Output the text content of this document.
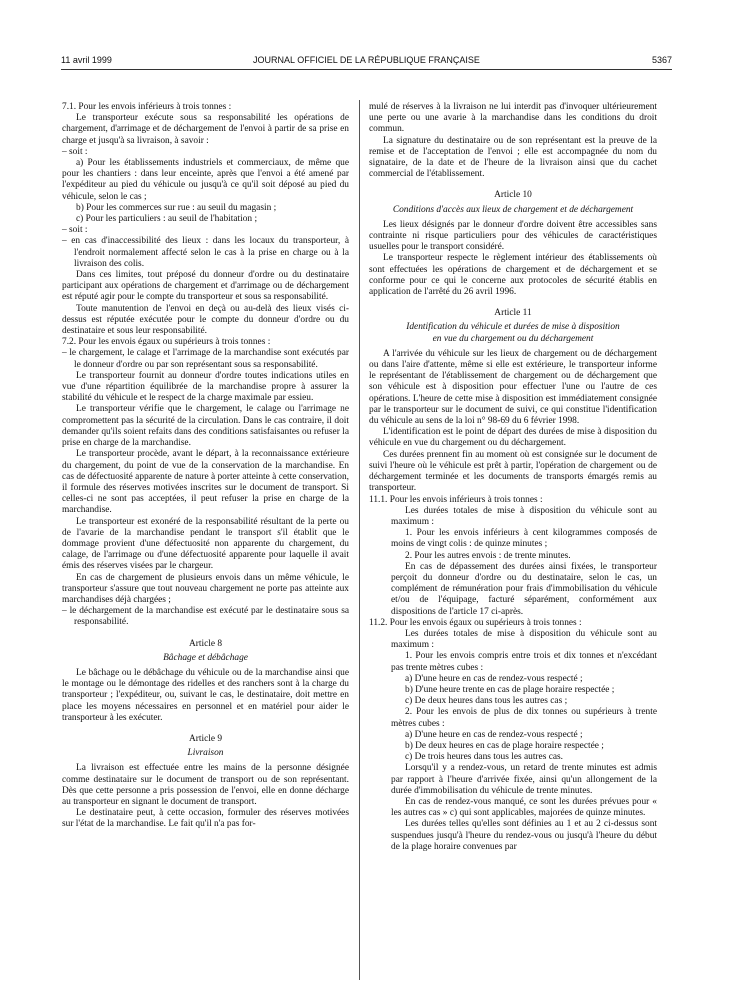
11 avril 1999	JOURNAL OFFICIEL DE LA RÉPUBLIQUE FRANÇAISE	5367

7.1. Pour les envois inférieurs à trois tonnes :

Le transporteur exécute sous sa responsabilité les opérations de chargement, d'arrimage et de déchargement de l'envoi à partir de sa prise en charge et jusqu'à sa livraison, à savoir :

– soit :

a) Pour les établissements industriels et commerciaux, de même que pour les chantiers : dans leur enceinte, après que l'envoi a été amené par l'expéditeur au pied du véhicule ou jusqu'à ce qu'il soit déposé au pied du véhicule, selon le cas ;

b) Pour les commerces sur rue : au seuil du magasin ;

c) Pour les particuliers : au seuil de l'habitation ;

– soit :

– en cas d'inaccessibilité des lieux : dans les locaux du transporteur, à l'endroit normalement affecté selon le cas à la prise en charge ou à la livraison des colis.

Dans ces limites, tout préposé du donneur d'ordre ou du destinataire participant aux opérations de chargement et d'arrimage ou de déchargement est réputé agir pour le compte du transporteur et sous sa responsabilité.

Toute manutention de l'envoi en deçà ou au-delà des lieux visés ci-dessus est réputée exécutée pour le compte du donneur d'ordre ou du destinataire et sous leur responsabilité.

7.2. Pour les envois égaux ou supérieurs à trois tonnes :

– le chargement, le calage et l'arrimage de la marchandise sont exécutés par le donneur d'ordre ou par son représentant sous sa responsabilité.

Le transporteur fournit au donneur d'ordre toutes indications utiles en vue d'une répartition équilibrée de la marchandise propre à assurer la stabilité du véhicule et le respect de la charge maximale par essieu.

Le transporteur vérifie que le chargement, le calage ou l'arrimage ne compromettent pas la sécurité de la circulation. Dans le cas contraire, il doit demander qu'ils soient refaits dans des conditions satisfaisantes ou refuser la prise en charge de la marchandise.

Le transporteur procède, avant le départ, à la reconnaissance extérieure du chargement, du point de vue de la conservation de la marchandise. En cas de défectuosité apparente de nature à porter atteinte à cette conservation, il formule des réserves motivées inscrites sur le document de transport. Si celles-ci ne sont pas acceptées, il peut refuser la prise en charge de la marchandise.

Le transporteur est exonéré de la responsabilité résultant de la perte ou de l'avarie de la marchandise pendant le transport s'il établit que le dommage provient d'une défectuosité non apparente du chargement, du calage, de l'arrimage ou d'une défectuosité apparente pour laquelle il avait émis des réserves visées par le chargeur.

En cas de chargement de plusieurs envois dans un même véhicule, le transporteur s'assure que tout nouveau chargement ne porte pas atteinte aux marchandises déjà chargées ;

– le déchargement de la marchandise est exécuté par le destinataire sous sa responsabilité.

Article 8

Bâchage et débâchage

Le bâchage ou le débâchage du véhicule ou de la marchandise ainsi que le montage ou le démontage des ridelles et des ranchers sont à la charge du transporteur ; l'expéditeur, ou, suivant le cas, le destinataire, doit mettre en place les moyens nécessaires en personnel et en matériel pour aider le transporteur à les exécuter.

Article 9

Livraison

La livraison est effectuée entre les mains de la personne désignée comme destinataire sur le document de transport ou de son représentant. Dès que cette personne a pris possession de l'envoi, elle en donne décharge au transporteur en signant le document de transport.

Le destinataire peut, à cette occasion, formuler des réserves motivées sur l'état de la marchandise. Le fait qu'il n'a pas for-

mulé de réserves à la livraison ne lui interdit pas d'invoquer ultérieurement une perte ou une avarie à la marchandise dans les conditions du droit commun.

La signature du destinataire ou de son représentant est la preuve de la remise et de l'acceptation de l'envoi ; elle est accompagnée du nom du signataire, de la date et de l'heure de la livraison ainsi que du cachet commercial de l'établissement.

Article 10

Conditions d'accès aux lieux de chargement et de déchargement

Les lieux désignés par le donneur d'ordre doivent être accessibles sans contrainte ni risque particuliers pour des véhicules de caractéristiques usuelles pour le transport considéré.

Le transporteur respecte le règlement intérieur des établissements où sont effectuées les opérations de chargement et de déchargement et se conforme pour ce qui le concerne aux protocoles de sécurité établis en application de l'arrêté du 26 avril 1996.

Article 11

Identification du véhicule et durées de mise à disposition

en vue du chargement ou du déchargement

A l'arrivée du véhicule sur les lieux de chargement ou de déchargement ou dans l'aire d'attente, même si elle est extérieure, le transporteur informe le représentant de l'établissement de chargement ou de déchargement que son véhicule est à disposition pour effectuer l'une ou l'autre de ces opérations. L'heure de cette mise à disposition est immédiatement consignée par le transporteur sur le document de suivi, ce qui constitue l'identification du véhicule au sens de la loi n° 98-69 du 6 février 1998.

L'identification est le point de départ des durées de mise à disposition du véhicule en vue du chargement ou du déchargement.

Ces durées prennent fin au moment où est consignée sur le document de suivi l'heure où le véhicule est prêt à partir, l'opération de chargement ou de déchargement terminée et les documents de transports émargés remis au transporteur.

11.1. Pour les envois inférieurs à trois tonnes :

Les durées totales de mise à disposition du véhicule sont au maximum :

1. Pour les envois inférieurs à cent kilogrammes composés de moins de vingt colis : de quinze minutes ;

2. Pour les autres envois : de trente minutes.

En cas de dépassement des durées ainsi fixées, le transporteur perçoit du donneur d'ordre ou du destinataire, selon le cas, un complément de rémunération pour frais d'immobilisation du véhicule et/ou de l'équipage, facturé séparément, conformément aux dispositions de l'article 17 ci-après.

11.2. Pour les envois égaux ou supérieurs à trois tonnes :

Les durées totales de mise à disposition du véhicule sont au maximum :

1. Pour les envois compris entre trois et dix tonnes et n'excédant pas trente mètres cubes :

a) D'une heure en cas de rendez-vous respecté ;

b) D'une heure trente en cas de plage horaire respectée ;

c) De deux heures dans tous les autres cas ;

2. Pour les envois de plus de dix tonnes ou supérieurs à trente mètres cubes :

a) D'une heure en cas de rendez-vous respecté ;

b) De deux heures en cas de plage horaire respectée ;

c) De trois heures dans tous les autres cas.

Lorsqu'il y a rendez-vous, un retard de trente minutes est admis par rapport à l'heure d'arrivée fixée, ainsi qu'un allongement de la durée d'immobilisation du véhicule de trente minutes.

En cas de rendez-vous manqué, ce sont les durées prévues pour « les autres cas » c) qui sont applicables, majorées de quinze minutes.

Les durées telles qu'elles sont définies au 1 et au 2 ci-dessus sont suspendues jusqu'à l'heure du rendez-vous ou jusqu'à l'heure du début de la plage horaire convenues par
